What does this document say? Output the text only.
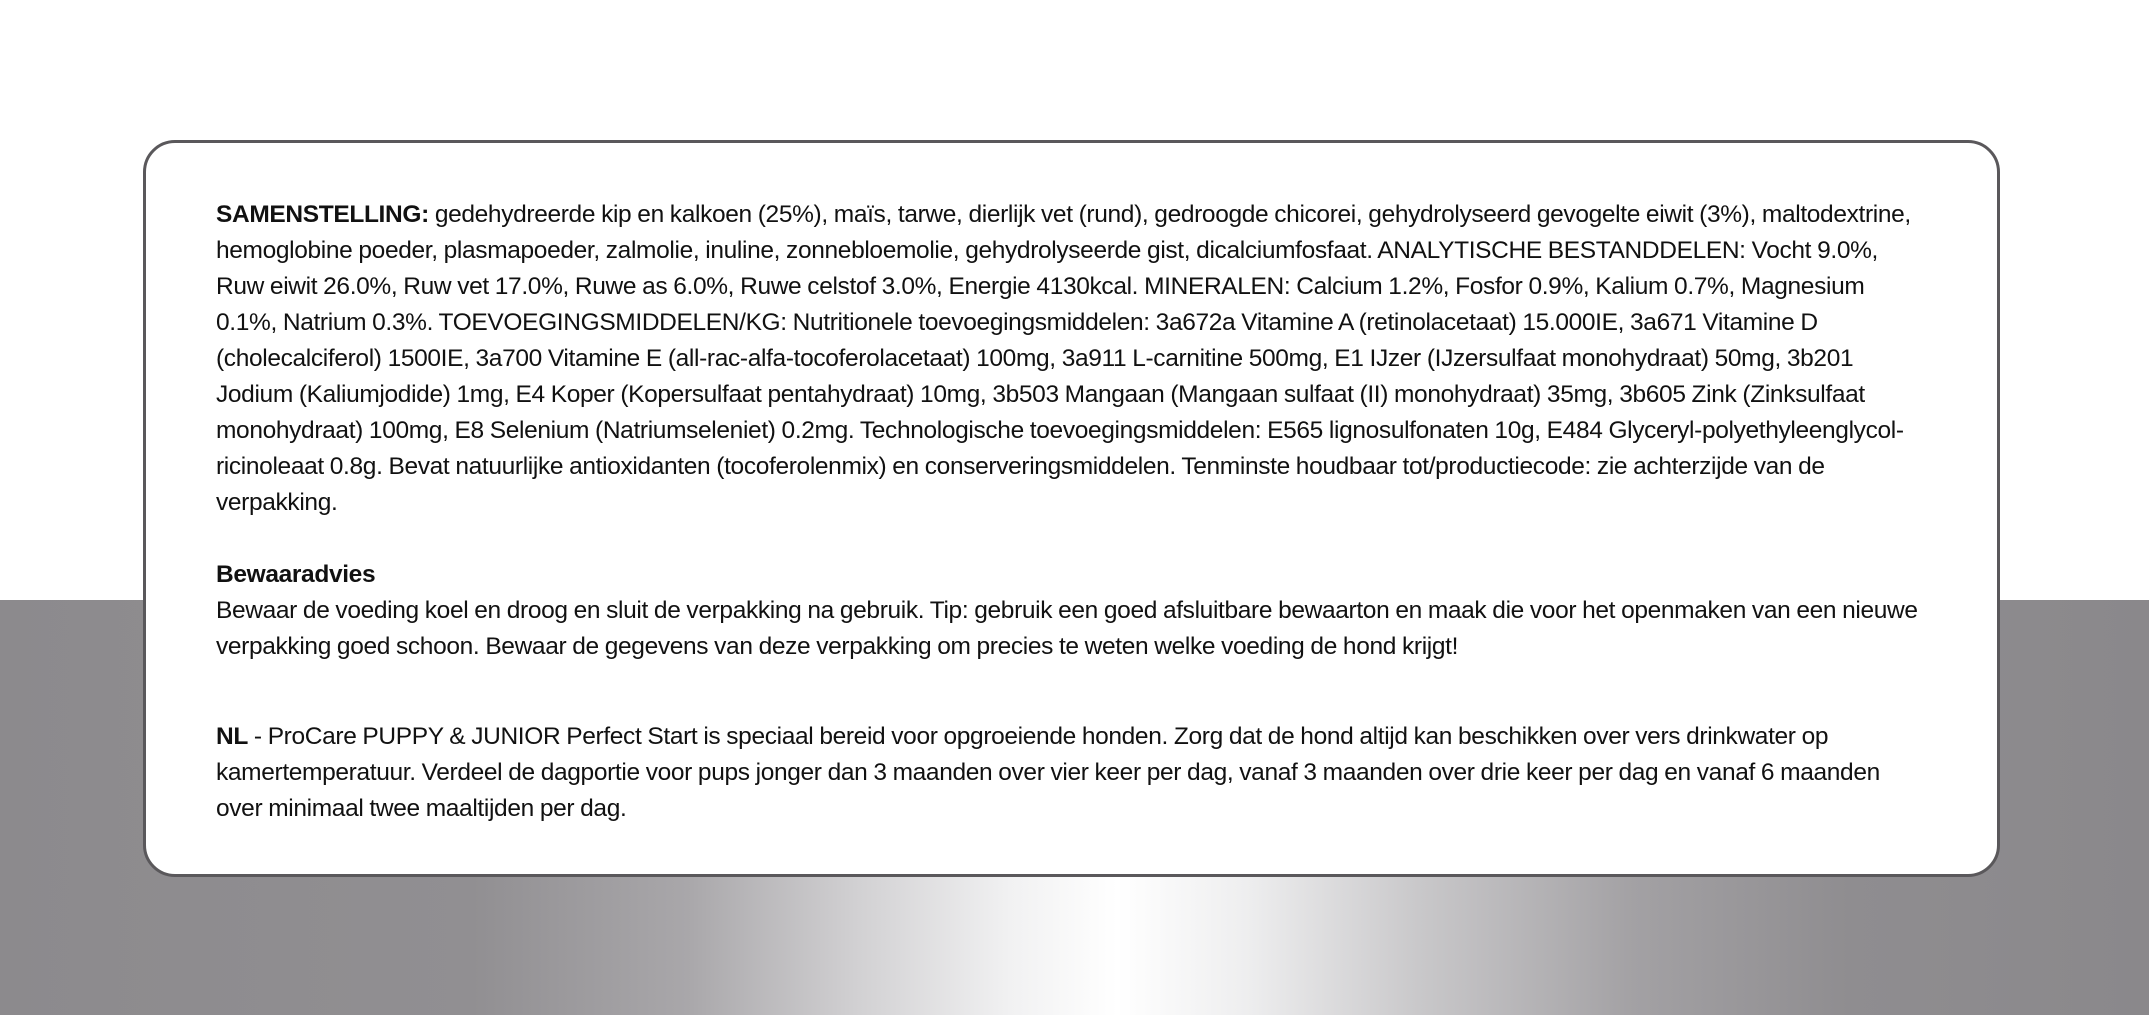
SAMENSTELLING: gedehydreerde kip en kalkoen (25%), maïs, tarwe, dierlijk vet (rund), gedroogde chicorei, gehydrolyseerd gevogelte eiwit (3%), maltodextrine, hemoglobine poeder, plasmapoeder, zalmolie, inuline, zonnebloemolie, gehydrolyseerde gist, dicalciumfosfaat. ANALYTISCHE BESTANDDELEN: Vocht 9.0%, Ruw eiwit 26.0%, Ruw vet 17.0%, Ruwe as 6.0%, Ruwe celstof 3.0%, Energie 4130kcal. MINERALEN: Calcium 1.2%, Fosfor 0.9%, Kalium 0.7%, Magnesium 0.1%, Natrium 0.3%. TOEVOEGINGSMIDDELEN/KG: Nutritionele toevoegingsmiddelen: 3a672a Vitamine A (retinolacetaat) 15.000IE, 3a671 Vitamine D (cholecalciferol) 1500IE, 3a700 Vitamine E (all-rac-alfa-tocoferolacetaat) 100mg, 3a911 L-carnitine 500mg, E1 IJzer (IJzersulfaat monohydraat) 50mg, 3b201 Jodium (Kaliumjodide) 1mg, E4 Koper (Kopersulfaat pentahydraat) 10mg, 3b503 Mangaan (Mangaan sulfaat (II) monohydraat) 35mg, 3b605 Zink (Zinksulfaat monohydraat) 100mg, E8 Selenium (Natriumseleniet) 0.2mg. Technologische toevoegingsmiddelen: E565 lignosulfonaten 10g, E484 Glyceryl-polyethyleenglycol-ricinoleaat 0.8g. Bevat natuurlijke antioxidanten (tocoferolenmix) en conserveringsmiddelen. Tenminste houdbaar tot/productiecode: zie achterzijde van de verpakking.

Bewaaradvies
Bewaar de voeding koel en droog en sluit de verpakking na gebruik. Tip: gebruik een goed afsluitbare bewaarton en maak die voor het openmaken van een nieuwe verpakking goed schoon. Bewaar de gegevens van deze verpakking om precies te weten welke voeding de hond krijgt!

NL - ProCare PUPPY & JUNIOR Perfect Start is speciaal bereid voor opgroeiende honden. Zorg dat de hond altijd kan beschikken over vers drinkwater op kamertemperatuur. Verdeel de dagportie voor pups jonger dan 3 maanden over vier keer per dag, vanaf 3 maanden over drie keer per dag en vanaf 6 maanden over minimaal twee maaltijden per dag.
